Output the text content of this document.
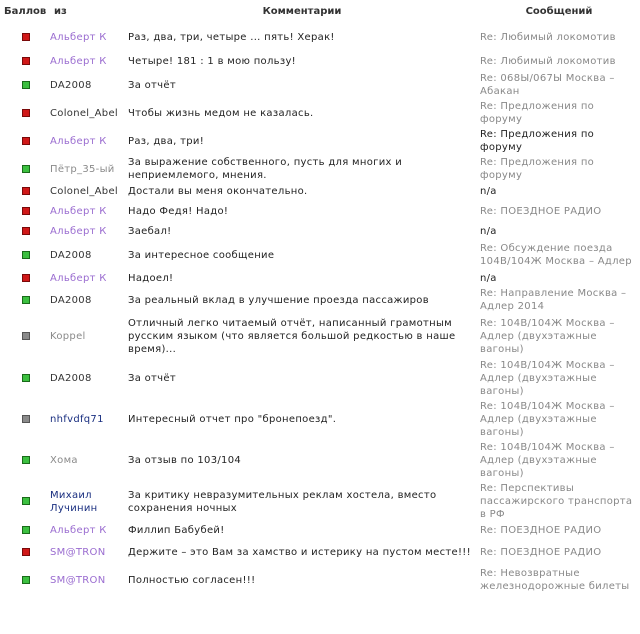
Баллов	из	Комментарии	Сообщений
	Альберт К	Раз, два, три, четыре ... пять! Херак!	Re: Любимый локомотив
	Альберт К	Четыре! 181 : 1 в мою пользу!	Re: Любимый локомотив
	DA2008	За отчёт	Re: 068Ы/067Ы Москва – Абакан
	Colonel_Abel	Чтобы жизнь медом не казалась.	Re: Предложения по форуму
	Альберт К	Раз, два, три!	Re: Предложения по форуму
	Пётр_35-ый	За выражение собственного, пусть для многих и неприемлемого, мнения.	Re: Предложения по форуму
	Colonel_Abel	Достали вы меня окончательно.	n/a
	Альберт К	Надо Федя! Надо!	Re: ПОЕЗДНОЕ РАДИО
	Альберт К	Заебал!	n/a
	DA2008	За интересное сообщение	Re: Обсуждение поезда 104В/104Ж Москва – Адлер
	Альберт К	Надоел!	n/a
	DA2008	За реальный вклад в улучшение проезда пассажиров	Re: Направление Москва – Адлер 2014
	Koppel	Отличный легко читаемый отчёт, написанный грамотным русским языком (что является большой редкостью в наше время)...	Re: 104В/104Ж Москва – Адлер (двухэтажные вагоны)
	DA2008	За отчёт	Re: 104В/104Ж Москва – Адлер (двухэтажные вагоны)
	nhfvdfq71	Интересный отчет про "бронепоезд".	Re: 104В/104Ж Москва – Адлер (двухэтажные вагоны)
	Хома	За отзыв по 103/104	Re: 104В/104Ж Москва – Адлер (двухэтажные вагоны)
	Михаил Лучинин	За критику невразумительных реклам хостела, вместо сохранения ночных	Re: Перспективы пассажирского транспорта в РФ
	Альберт К	Филлип Бабубей!	Re: ПОЕЗДНОЕ РАДИО
	SM@TRON	Держите – это Вам за хамство и истерику на пустом месте!!!	Re: ПОЕЗДНОЕ РАДИО
	SM@TRON	Полностью согласен!!!	Re: Невозвратные железнодорожные билеты
